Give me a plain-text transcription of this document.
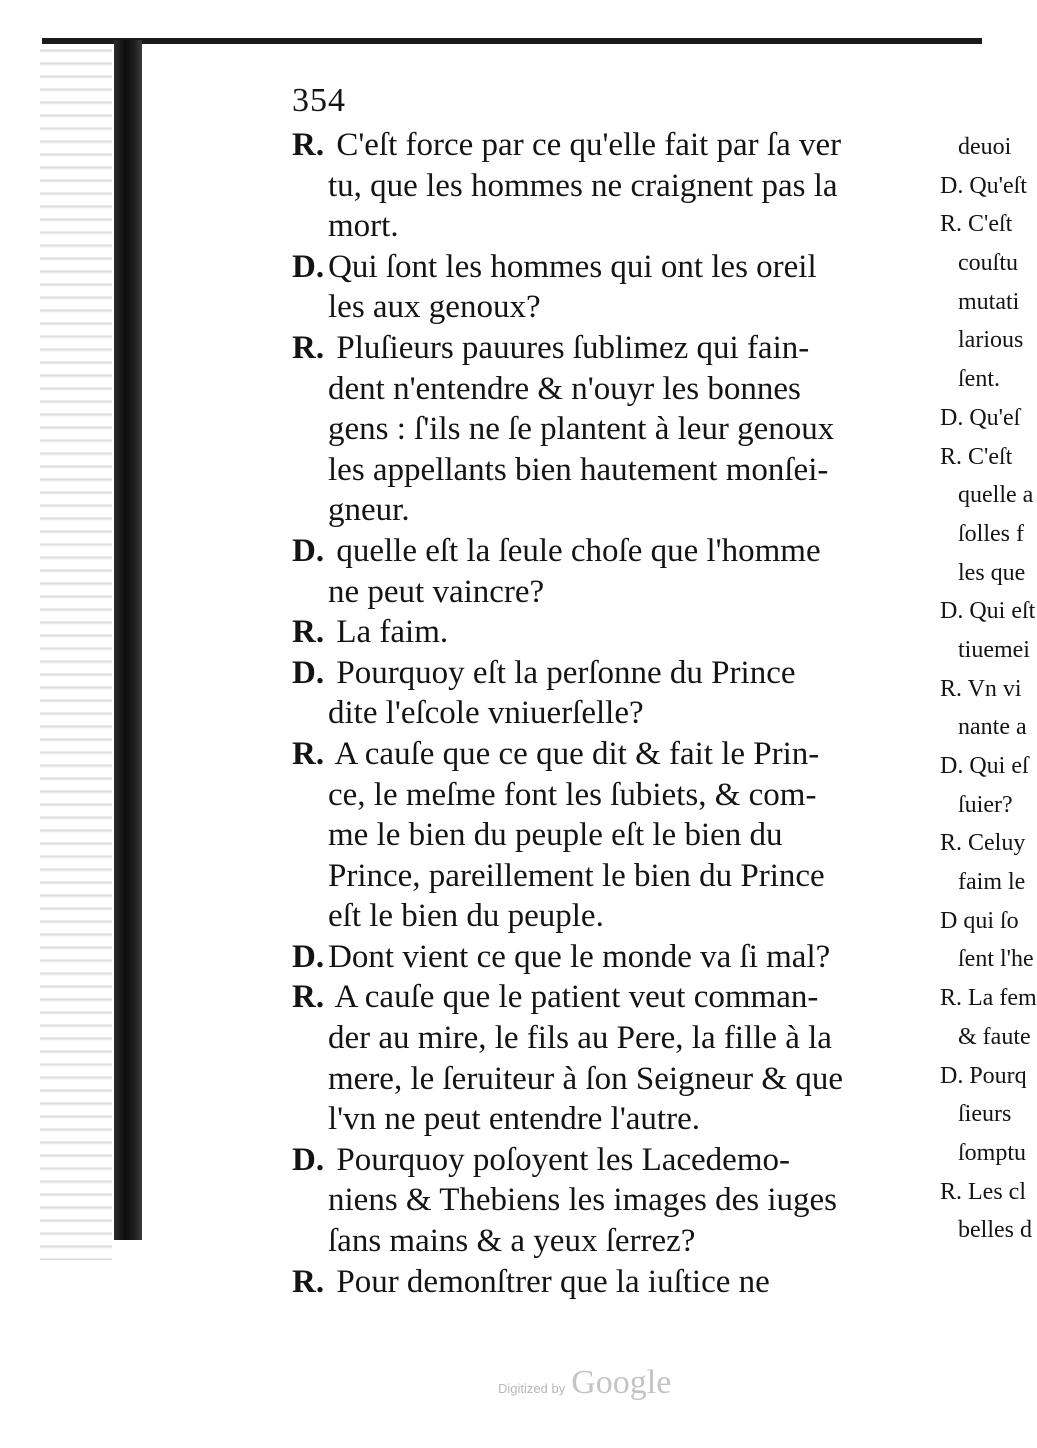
354
R. C'eſt force par ce qu'elle fait par ſa ver
tu, que les hommes ne craignent pas la
mort.
D. Qui ſont les hommes qui ont les oreil
les aux genoux?
R. Pluſieurs pauures ſublimez qui fain-
dent n'entendre & n'ouyr les bonnes
gens : ſ'ils ne ſe plantent à leur genoux
les appellants bien hautement monſei-
gneur.
D. quelle eſt la ſeule choſe que l'homme
ne peut vaincre?
R. La faim.
D. Pourquoy eſt la perſonne du Prince
dite l'eſcole vniuerſelle?
R. A cauſe que ce que dit & fait le Prin-
ce, le meſme font les ſubiets, & com-
me le bien du peuple eſt le bien du
Prince, pareillement le bien du Prince
eſt le bien du peuple.
D. Dont vient ce que le monde va ſi mal?
R. A cauſe que le patient veut comman-
der au mire, le fils au Pere, la fille à la
mere, le ſeruiteur à ſon Seigneur & que
l'vn ne peut entendre l'autre.
D. Pourquoy poſoyent les Lacedemo-
niens & Thebiens les images des iuges
ſans mains & a yeux ſerrez?
R. Pour demonſtrer que la iuſtice ne
deuoi
D. Qu'eſt
R. C'eſt
couſtu
mutati
larious
ſent.
D. Qu'eſ
R. C'eſt
quelle a
ſolles f
les que
D. Qui eſt
tiuemei
R. Vn vi
nante a
D. Qui eſ
ſuier?
R. Celuy
faim le
D qui ſo
ſent l'he
R. La fem
& faute
D. Pourq
ſieurs
ſomptu
R. Les cl
belles d
Digitized by Google
